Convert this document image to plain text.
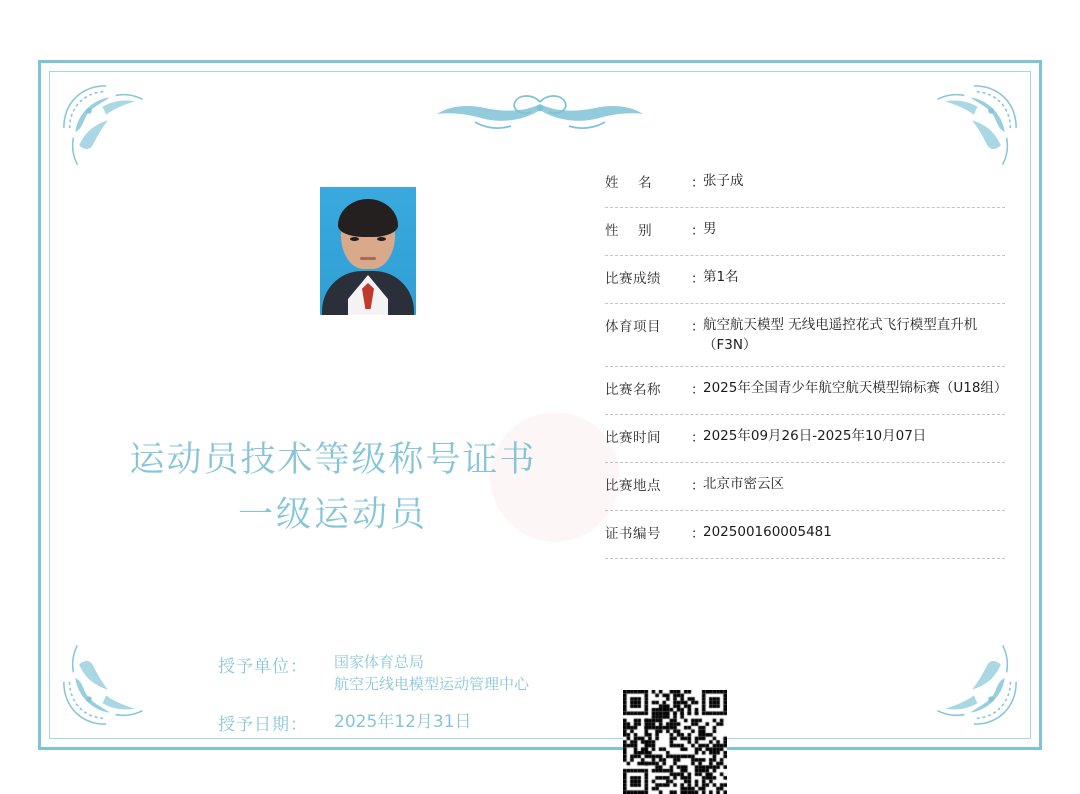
运动员技术等级称号证书
一级运动员
授予单位：	国家体育总局
航空无线电模型运动管理中心
授予日期：	2025年12月31日
姓    名	：
张子成
性    别	：
男
比赛成绩	：
第1名
体育项目	：
航空航天模型 无线电遥控花式飞行模型直升机（F3N）
比赛名称	：
2025年全国青少年航空航天模型锦标赛（U18组）
比赛时间	：
2025年09月26日-2025年10月07日
比赛地点	：
北京市密云区
证书编号	：
202500160005481
